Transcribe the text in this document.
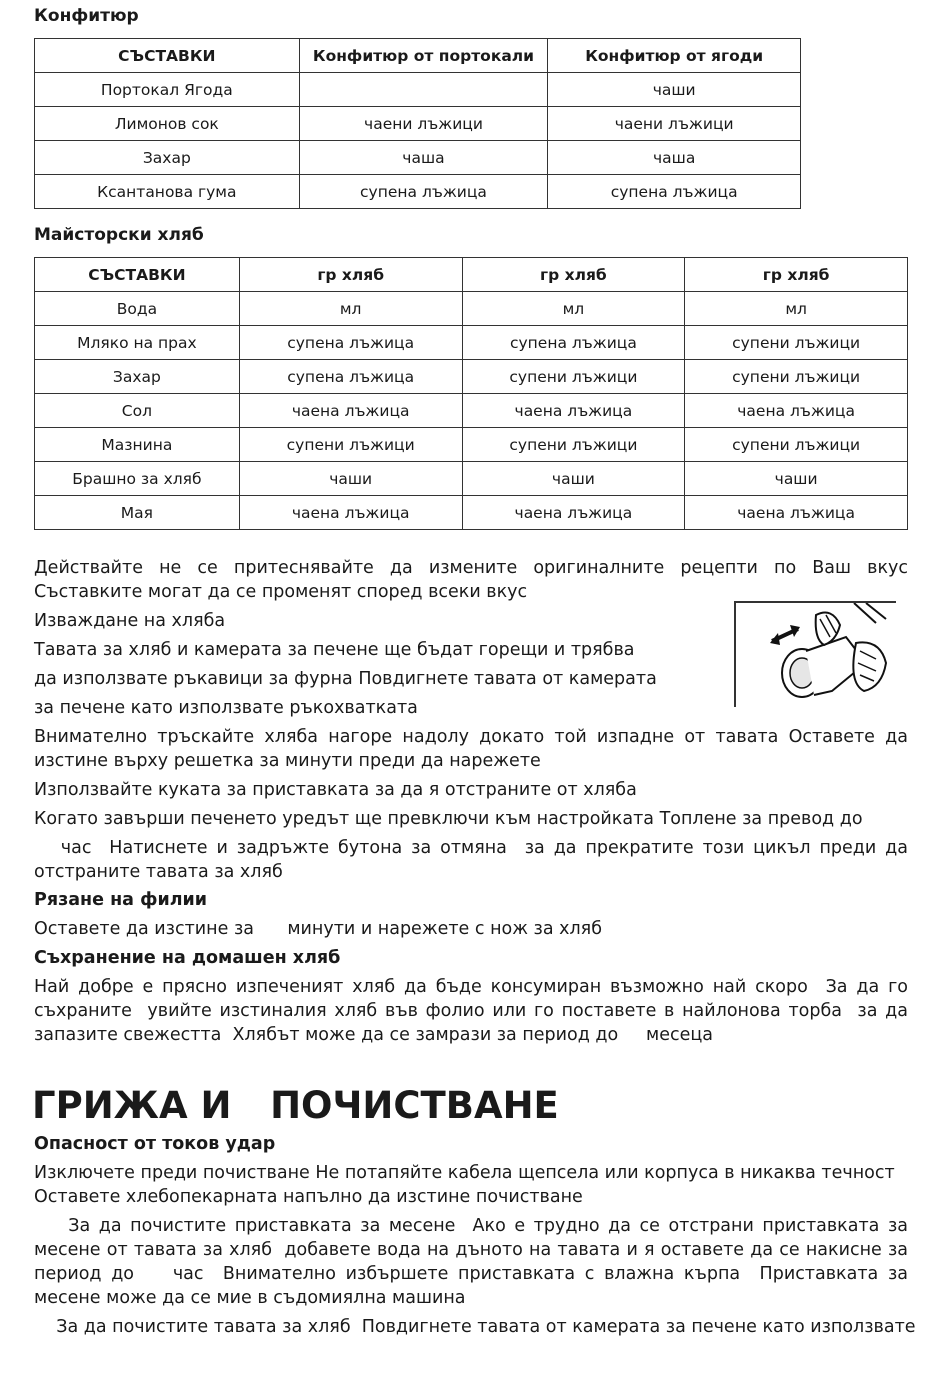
Конфитюр
СЪСТАВКИ	Конфитюр от портокали	Конфитюр от ягоди
Портокал Ягода		чаши
Лимонов сок	чаени лъжици	чаени лъжици
Захар	чаша	чаша
Ксантанова гума	супена лъжица	супена лъжица
Майсторски хляб
СЪСТАВКИ	гр хляб	гр хляб	гр хляб
Вода	мл	мл	мл
Мляко на прах	супена лъжица	супена лъжица	супени лъжици
Захар	супена лъжица	супени лъжици	супени лъжици
Сол	чаена лъжица	чаена лъжица	чаена лъжица
Мазнина	супени лъжици	супени лъжици	супени лъжици
Брашно за хляб	чаши	чаши	чаши
Мая	чаена лъжица	чаена лъжица	чаена лъжица

Действайте не се притеснявайте да измените оригиналните рецепти по Ваш вкус

Съставките могат да се променят според всеки вкус

Изваждане на хляба

Тавата за хляб и камерата за печене ще бъдат горещи и трябва

да използвате ръкавици за фурна Повдигнете тавата от камерата

за печене като използвате ръкохватката

Внимателно тръскайте хляба нагоре надолу докато той изпадне от тавата Оставете да изстине върху решетка за минути преди да нарежете

Използвайте куката за приставката за да я отстраните от хляба

Когато завърши печенето уредът ще превключи към настройката Топлене за превод до

час  Натиснете и задръжте бутона за отмяна  за да прекратите този цикъл преди да отстраните тавата за хляб

Рязане на филии

Оставете да изстине за      минути и нарежете с нож за хляб

Съхранение на домашен хляб

Най добре е прясно изпеченият хляб да бъде консумиран възможно най скоро  За да го съхраните  увийте изстиналия хляб във фолио или го поставете в найлонова торба  за да запазите свежестта  Хлябът може да се замрази за период до     месеца

ГРИЖА И   ПОЧИСТВАНЕ

Опасност от токов удар

Изключете преди почистване Не потапяйте кабела щепсела или корпуса в никаква течност

Оставете хлебопекарната напълно да изстине почистване

За да почистите приставката за месене  Ако е трудно да се отстрани приставката за месене от тавата за хляб  добавете вода на дъното на тавата и я оставете да се накисне за период до    час  Внимателно избършете приставката с влажна кърпа  Приставката за месене може да се мие в съдомиялна машина

За да почистите тавата за хляб  Повдигнете тавата от камерата за печене като използвате
